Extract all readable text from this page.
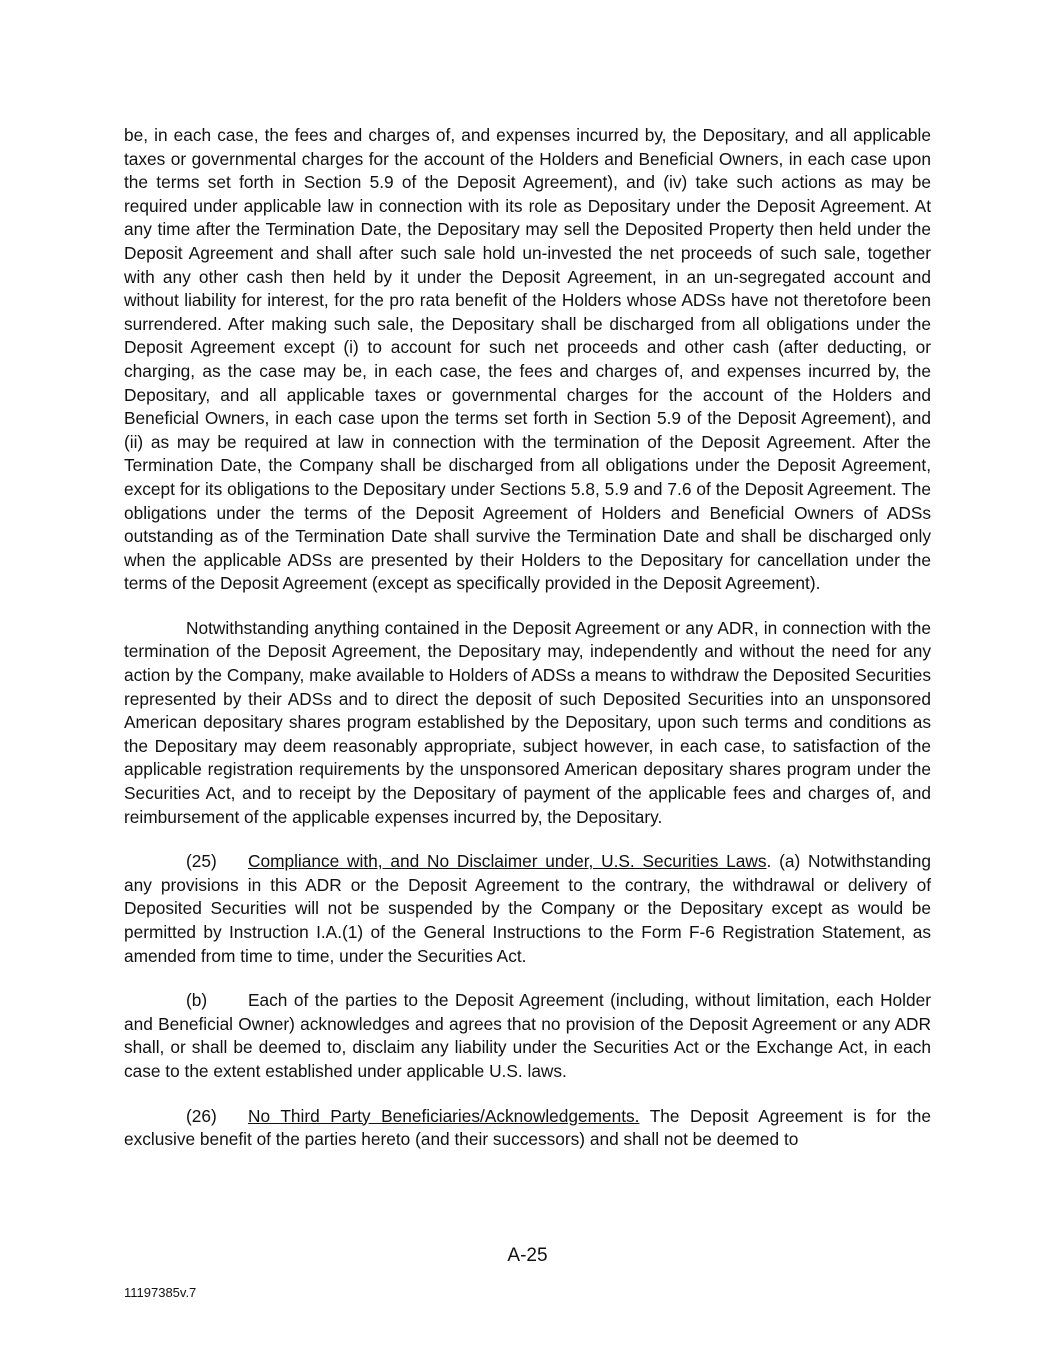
be, in each case, the fees and charges of, and expenses incurred by, the Depositary, and all applicable taxes or governmental charges for the account of the Holders and Beneficial Owners, in each case upon the terms set forth in Section 5.9 of the Deposit Agreement), and (iv) take such actions as may be required under applicable law in connection with its role as Depositary under the Deposit Agreement. At any time after the Termination Date, the Depositary may sell the Deposited Property then held under the Deposit Agreement and shall after such sale hold un-invested the net proceeds of such sale, together with any other cash then held by it under the Deposit Agreement, in an un-segregated account and without liability for interest, for the pro rata benefit of the Holders whose ADSs have not theretofore been surrendered. After making such sale, the Depositary shall be discharged from all obligations under the Deposit Agreement except (i) to account for such net proceeds and other cash (after deducting, or charging, as the case may be, in each case, the fees and charges of, and expenses incurred by, the Depositary, and all applicable taxes or governmental charges for the account of the Holders and Beneficial Owners, in each case upon the terms set forth in Section 5.9 of the Deposit Agreement), and (ii) as may be required at law in connection with the termination of the Deposit Agreement. After the Termination Date, the Company shall be discharged from all obligations under the Deposit Agreement, except for its obligations to the Depositary under Sections 5.8, 5.9 and 7.6 of the Deposit Agreement. The obligations under the terms of the Deposit Agreement of Holders and Beneficial Owners of ADSs outstanding as of the Termination Date shall survive the Termination Date and shall be discharged only when the applicable ADSs are presented by their Holders to the Depositary for cancellation under the terms of the Deposit Agreement (except as specifically provided in the Deposit Agreement).

Notwithstanding anything contained in the Deposit Agreement or any ADR, in connection with the termination of the Deposit Agreement, the Depositary may, independently and without the need for any action by the Company, make available to Holders of ADSs a means to withdraw the Deposited Securities represented by their ADSs and to direct the deposit of such Deposited Securities into an unsponsored American depositary shares program established by the Depositary, upon such terms and conditions as the Depositary may deem reasonably appropriate, subject however, in each case, to satisfaction of the applicable registration requirements by the unsponsored American depositary shares program under the Securities Act, and to receipt by the Depositary of payment of the applicable fees and charges of, and reimbursement of the applicable expenses incurred by, the Depositary.

(25) Compliance with, and No Disclaimer under, U.S. Securities Laws. (a) Notwithstanding any provisions in this ADR or the Deposit Agreement to the contrary, the withdrawal or delivery of Deposited Securities will not be suspended by the Company or the Depositary except as would be permitted by Instruction I.A.(1) of the General Instructions to the Form F-6 Registration Statement, as amended from time to time, under the Securities Act.

(b) Each of the parties to the Deposit Agreement (including, without limitation, each Holder and Beneficial Owner) acknowledges and agrees that no provision of the Deposit Agreement or any ADR shall, or shall be deemed to, disclaim any liability under the Securities Act or the Exchange Act, in each case to the extent established under applicable U.S. laws.

(26) No Third Party Beneficiaries/Acknowledgements. The Deposit Agreement is for the exclusive benefit of the parties hereto (and their successors) and shall not be deemed to

A-25
11197385v.7
